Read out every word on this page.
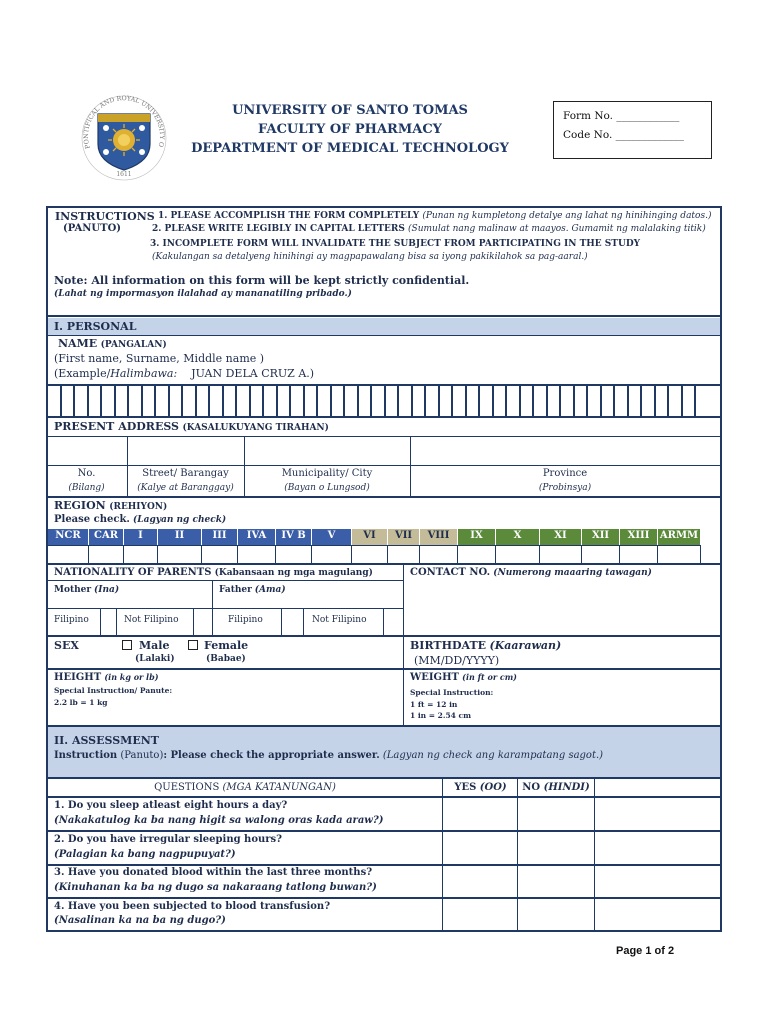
PONTIFICAL AND ROYAL UNIVERSITY O
1611
UNIVERSITY OF SANTO TOMAS
FACULTY OF PHARMACY
DEPARTMENT OF MEDICAL TECHNOLOGY
Form No. ____________
Code No. _____________
INSTRUCTIONS
(PANUTO)
1. PLEASE ACCOMPLISH THE FORM COMPLETELY (Punan ng kumpletong detalye ang lahat ng hinihinging datos.)
2. PLEASE WRITE LEGIBLY IN CAPITAL LETTERS (Sumulat nang malinaw at maayos. Gumamit ng malalaking titik)
3. INCOMPLETE FORM WILL INVALIDATE THE SUBJECT FROM PARTICIPATING IN THE STUDY
(Kakulangan sa detalyeng hinihingi ay magpapawalang bisa sa iyong pakikilahok sa pag-aaral.)
Note: All information on this form will be kept strictly confidential.
(Lahat ng impormasyon ilalahad ay mananatiling pribado.)
I. PERSONAL
NAME (PANGALAN)
(First name, Surname, Middle name )
(Example/Halimbawa: JUAN DELA CRUZ A.)
PRESENT ADDRESS (KASALUKUYANG TIRAHAN)
No.
(Bilang)
Street/ Barangay
(Kalye at Baranggay)
Municipality/ City
(Bayan o Lungsod)
Province
(Probinsya)
REGION (REHIYON)
Please check. (Lagyan ng check)
NCR	CAR	I	II	III	IVA	IV B	V	VI	VII	VIII	IX	X	XI	XII	XIII	ARMM
NATIONALITY OF PARENTS (Kabansaan ng mga magulang)	CONTACT NO. (Numerong maaaring tawagan)
Mother (Ina)	Father (Ama)
Filipino	Not Filipino	Filipino	Not Filipino
SEX	Male
(Lalaki)
Female
(Babae)
BIRTHDATE (Kaarawan)
(MM/DD/YYYY)
HEIGHT (in kg or lb)
Special Instruction/ Panute:
2.2 lb = 1 kg
WEIGHT (in ft or cm)
Special Instruction:
1 ft = 12 in
1 in = 2.54 cm
II. ASSESSMENT
Instruction (Panuto): Please check the appropriate answer. (Lagyan ng check ang karampatang sagot.)
QUESTIONS (MGA KATANUNGAN)	YES (OO)	NO (HINDI)
1. Do you sleep atleast eight hours a day?
(Nakakatulog ka ba nang higit sa walong oras kada araw?)
2. Do you have irregular sleeping hours?
(Palagian ka bang nagpupuyat?)
3. Have you donated blood within the last three months?
(Kinuhanan ka ba ng dugo sa nakaraang tatlong buwan?)
4. Have you been subjected to blood transfusion?
(Nasalinan ka na ba ng dugo?)
Page 1 of 2
